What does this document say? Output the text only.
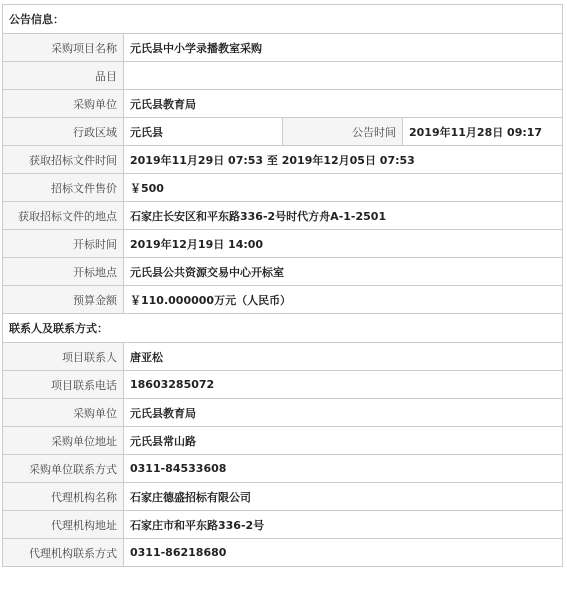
公告信息：			
采购项目名称	元氏县中小学录播教室采购		
品目			
采购单位	元氏县教育局		
行政区域	元氏县	公告时间	2019年11月28日 09:17
获取招标文件时间	2019年11月29日 07:53 至 2019年12月05日 07:53		
招标文件售价	￥500		
获取招标文件的地点	石家庄长安区和平东路336-2号时代方舟A-1-2501		
开标时间	2019年12月19日 14:00		
开标地点	元氏县公共资源交易中心开标室		
预算金额	￥110.000000万元（人民币）		
联系人及联系方式：			
项目联系人	唐亚松		
项目联系电话	18603285072		
采购单位	元氏县教育局		
采购单位地址	元氏县常山路		
采购单位联系方式	0311-84533608		
代理机构名称	石家庄德盛招标有限公司		
代理机构地址	石家庄市和平东路336-2号		
代理机构联系方式	0311-86218680		
